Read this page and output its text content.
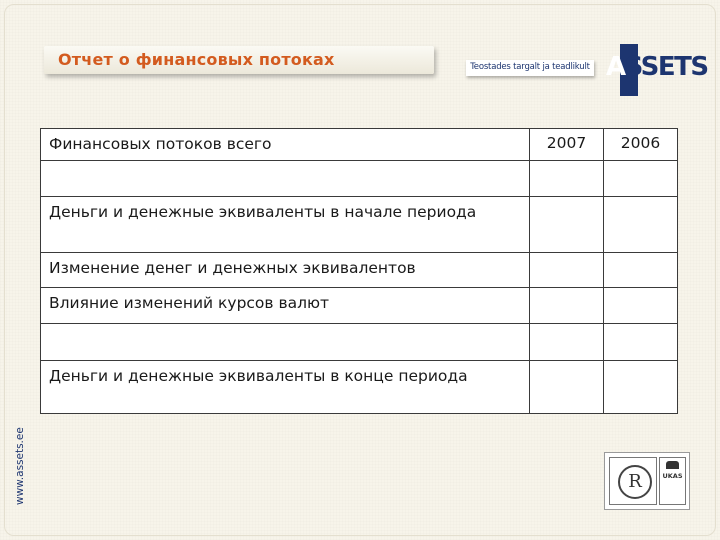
Отчет о финансовых потоках	Teostades targalt ja teadlikult ASSETS
www.assets.ee
Финансовых потоков всего	2007	2006

Деньги и денежные эквиваленты в начале периода		

Изменение денег и денежных эквивалентов		

Влияние изменений курсов валют		

Деньги и денежные эквиваленты в конце периода		

R	UKAS
